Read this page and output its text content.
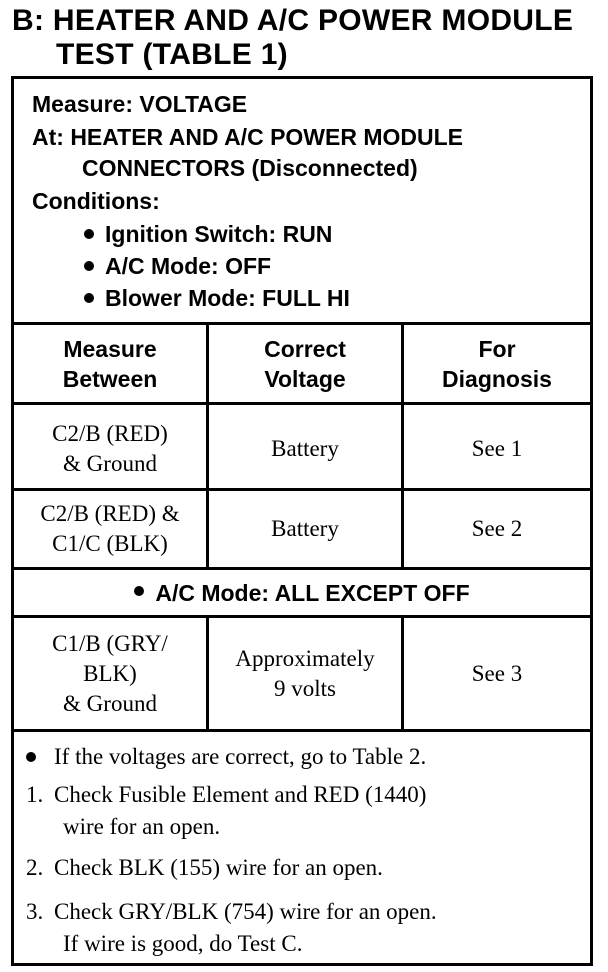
B: HEATER AND A/C POWER MODULE
TEST (TABLE 1)
Measure: VOLTAGE
At: HEATER AND A/C POWER MODULE
CONNECTORS (Disconnected)
Conditions:
Ignition Switch: RUN
A/C Mode: OFF
Blower Mode: FULL HI
Measure
Between
Correct
Voltage
For
Diagnosis
C2/B (RED)
& Ground
Battery	See 1
C2/B (RED) &
C1/C (BLK)
Battery	See 2
A/C Mode: ALL EXCEPT OFF
C1/B (GRY/
BLK)
& Ground
Approximately
9 volts
See 3
If the voltages are correct, go to Table 2.
1. Check Fusible Element and RED (1440)
wire for an open.
2. Check BLK (155) wire for an open.
3. Check GRY/BLK (754) wire for an open.
If wire is good, do Test C.
